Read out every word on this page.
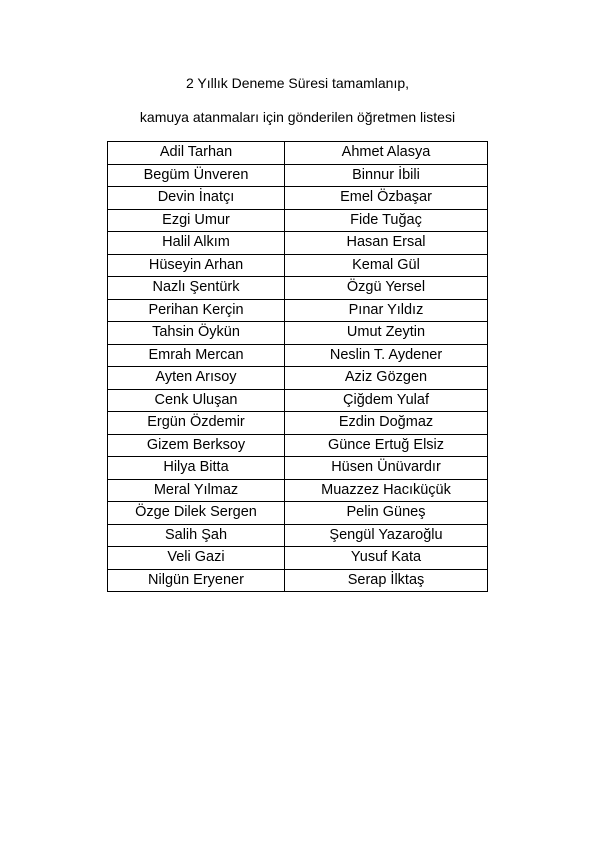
2 Yıllık Deneme Süresi tamamlanıp,
kamuya atanmaları için gönderilen öğretmen listesi
Adil Tarhan	Ahmet Alasya
Begüm Ünveren	Binnur İbili
Devin İnatçı	Emel Özbaşar
Ezgi Umur	Fide Tuğaç
Halil Alkım	Hasan Ersal
Hüseyin Arhan	Kemal Gül
Nazlı Şentürk	Özgü Yersel
Perihan Kerçin	Pınar Yıldız
Tahsin Öykün	Umut Zeytin
Emrah Mercan	Neslin T. Aydener
Ayten Arısoy	Aziz Gözgen
Cenk Uluşan	Çiğdem Yulaf
Ergün Özdemir	Ezdin Doğmaz
Gizem Berksoy	Günce Ertuğ Elsiz
Hilya Bitta	Hüsen Ünüvardır
Meral Yılmaz	Muazzez Hacıküçük
Özge Dilek Sergen	Pelin Güneş
Salih Şah	Şengül Yazaroğlu
Veli Gazi	Yusuf Kata
Nilgün Eryener	Serap İlktaş
